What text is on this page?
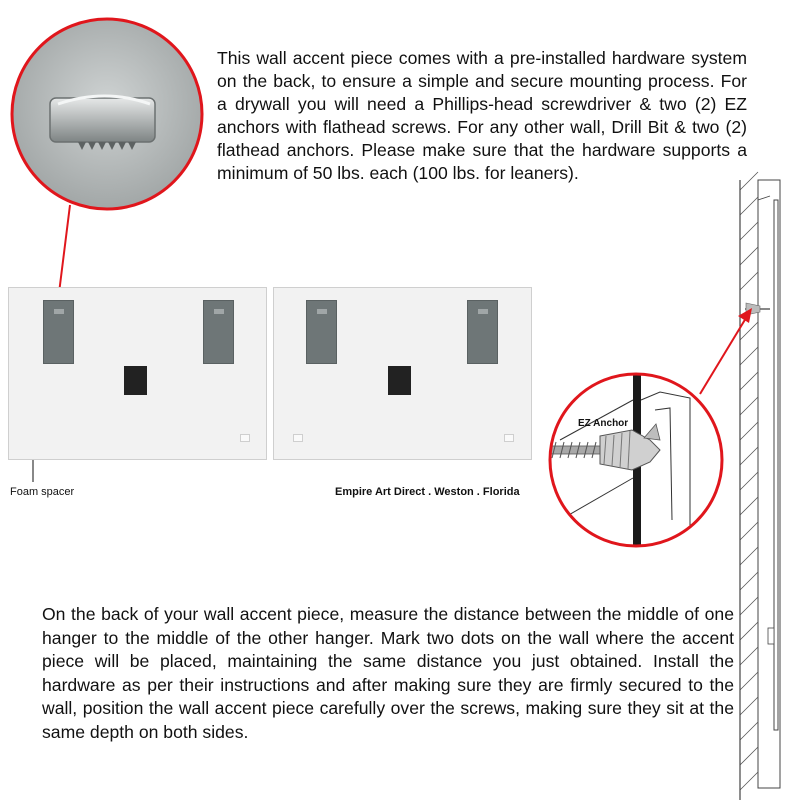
This wall accent piece comes with a pre-installed hardware system on the back, to ensure a simple and secure mounting process. For a drywall you will need a Phillips-head screwdriver & two (2) EZ anchors with flathead screws. For any other wall, Drill Bit & two (2) flathead anchors. Please make sure that the hardware supports a minimum of 50 lbs. each (100 lbs. for leaners).
Foam spacer	Empire Art Direct . Weston . Florida
EZ Anchor
On the back of your wall accent piece, measure the distance between the middle of one hanger to the middle of the other hanger. Mark two dots on the wall where the accent piece will be placed, maintaining the same distance you just obtained. Install the hardware as per their instructions and after making sure they are firmly secured to the wall, position the wall accent piece carefully over the screws, making sure they sit at the same depth on both sides.
